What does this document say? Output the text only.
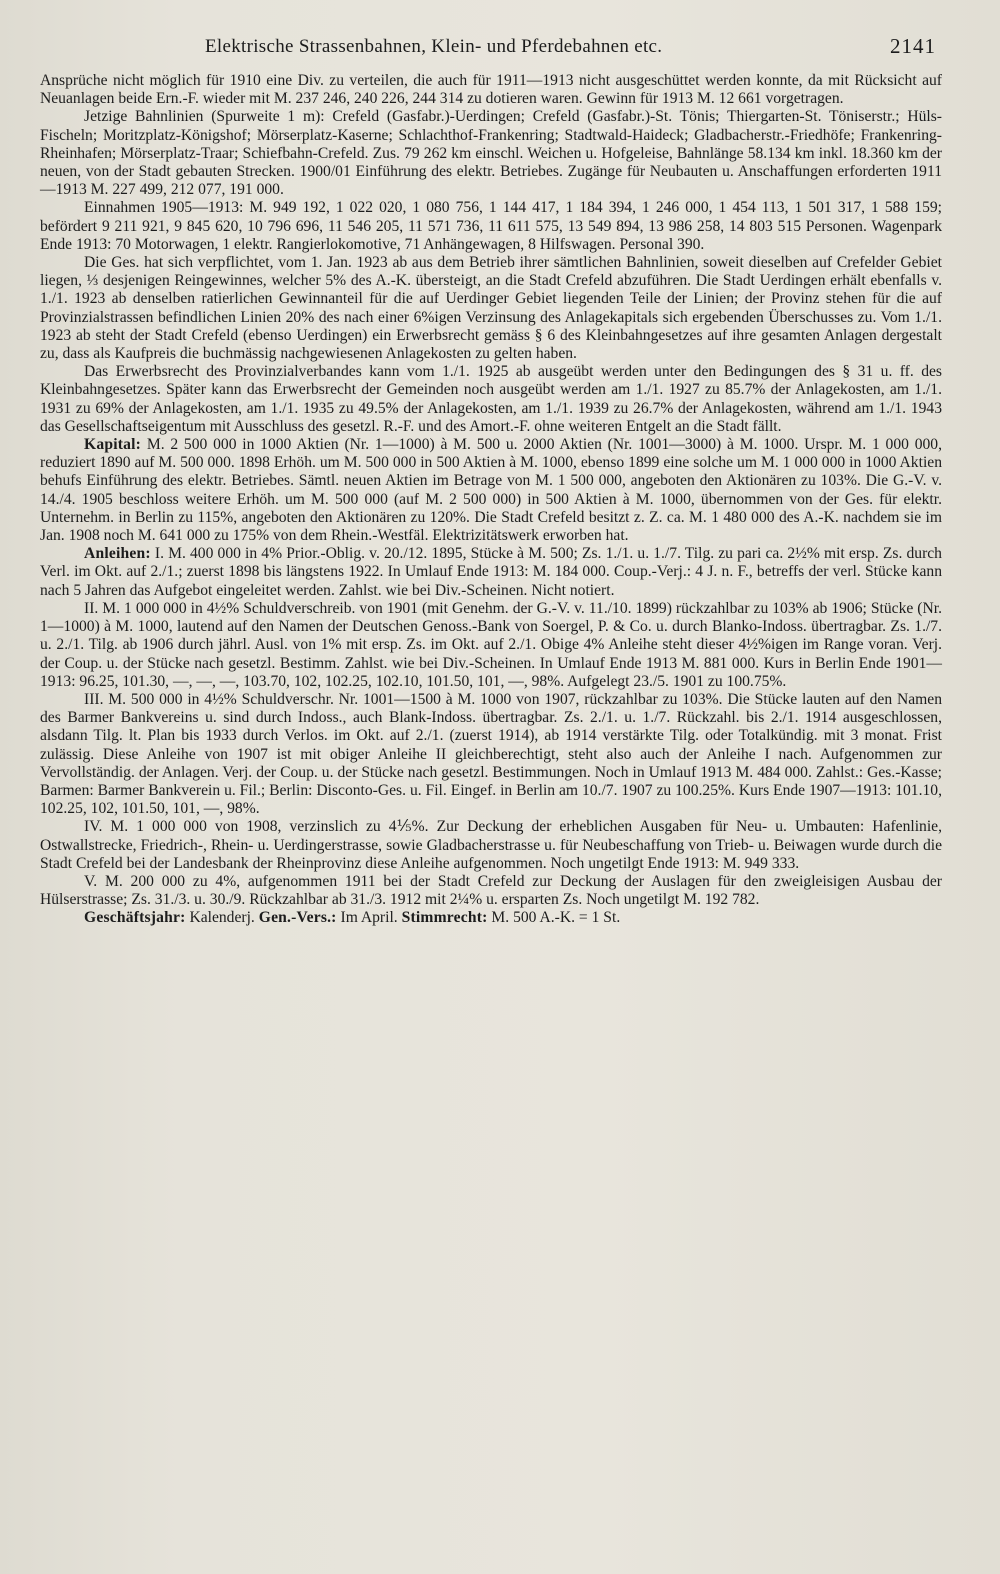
Elektrische Strassenbahnen, Klein- und Pferdebahnen etc.	2141

Ansprüche nicht möglich für 1910 eine Div. zu verteilen, die auch für 1911—1913 nicht ausgeschüttet werden konnte, da mit Rücksicht auf Neuanlagen beide Ern.-F. wieder mit M. 237 246, 240 226, 244 314 zu dotieren waren. Gewinn für 1913 M. 12 661 vorgetragen.

Jetzige Bahnlinien (Spurweite 1 m): Crefeld (Gasfabr.)-Uerdingen; Crefeld (Gasfabr.)-St. Tönis; Thiergarten-St. Töniserstr.; Hüls-Fischeln; Moritzplatz-Königshof; Mörserplatz-Kaserne; Schlachthof-Frankenring; Stadtwald-Haideck; Gladbacherstr.-Friedhöfe; Frankenring-Rheinhafen; Mörserplatz-Traar; Schiefbahn-Crefeld. Zus. 79 262 km einschl. Weichen u. Hofgeleise, Bahnlänge 58.134 km inkl. 18.360 km der neuen, von der Stadt gebauten Strecken. 1900/01 Einführung des elektr. Betriebes. Zugänge für Neubauten u. Anschaffungen erforderten 1911—1913 M. 227 499, 212 077, 191 000.

Einnahmen 1905—1913: M. 949 192, 1 022 020, 1 080 756, 1 144 417, 1 184 394, 1 246 000, 1 454 113, 1 501 317, 1 588 159; befördert 9 211 921, 9 845 620, 10 796 696, 11 546 205, 11 571 736, 11 611 575, 13 549 894, 13 986 258, 14 803 515 Personen. Wagenpark Ende 1913: 70 Motorwagen, 1 elektr. Rangierlokomotive, 71 Anhängewagen, 8 Hilfswagen. Personal 390.

Die Ges. hat sich verpflichtet, vom 1. Jan. 1923 ab aus dem Betrieb ihrer sämtlichen Bahnlinien, soweit dieselben auf Crefelder Gebiet liegen, ⅓ desjenigen Reingewinnes, welcher 5% des A.-K. übersteigt, an die Stadt Crefeld abzuführen. Die Stadt Uerdingen erhält ebenfalls v. 1./1. 1923 ab denselben ratierlichen Gewinnanteil für die auf Uerdinger Gebiet liegenden Teile der Linien; der Provinz stehen für die auf Provinzialstrassen befindlichen Linien 20% des nach einer 6%igen Verzinsung des Anlagekapitals sich ergebenden Überschusses zu. Vom 1./1. 1923 ab steht der Stadt Crefeld (ebenso Uerdingen) ein Erwerbsrecht gemäss § 6 des Kleinbahngesetzes auf ihre gesamten Anlagen dergestalt zu, dass als Kaufpreis die buchmässig nachgewiesenen Anlagekosten zu gelten haben.

Das Erwerbsrecht des Provinzialverbandes kann vom 1./1. 1925 ab ausgeübt werden unter den Bedingungen des § 31 u. ff. des Kleinbahngesetzes. Später kann das Erwerbsrecht der Gemeinden noch ausgeübt werden am 1./1. 1927 zu 85.7% der Anlagekosten, am 1./1. 1931 zu 69% der Anlagekosten, am 1./1. 1935 zu 49.5% der Anlagekosten, am 1./1. 1939 zu 26.7% der Anlagekosten, während am 1./1. 1943 das Gesellschaftseigentum mit Ausschluss des gesetzl. R.-F. und des Amort.-F. ohne weiteren Entgelt an die Stadt fällt.

Kapital: M. 2 500 000 in 1000 Aktien (Nr. 1—1000) à M. 500 u. 2000 Aktien (Nr. 1001—3000) à M. 1000. Urspr. M. 1 000 000, reduziert 1890 auf M. 500 000. 1898 Erhöh. um M. 500 000 in 500 Aktien à M. 1000, ebenso 1899 eine solche um M. 1 000 000 in 1000 Aktien behufs Einführung des elektr. Betriebes. Sämtl. neuen Aktien im Betrage von M. 1 500 000, angeboten den Aktionären zu 103%. Die G.-V. v. 14./4. 1905 beschloss weitere Erhöh. um M. 500 000 (auf M. 2 500 000) in 500 Aktien à M. 1000, übernommen von der Ges. für elektr. Unternehm. in Berlin zu 115%, angeboten den Aktionären zu 120%. Die Stadt Crefeld besitzt z. Z. ca. M. 1 480 000 des A.-K. nachdem sie im Jan. 1908 noch M. 641 000 zu 175% von dem Rhein.-Westfäl. Elektrizitätswerk erworben hat.

Anleihen: I. M. 400 000 in 4% Prior.-Oblig. v. 20./12. 1895, Stücke à M. 500; Zs. 1./1. u. 1./7. Tilg. zu pari ca. 2½% mit ersp. Zs. durch Verl. im Okt. auf 2./1.; zuerst 1898 bis längstens 1922. In Umlauf Ende 1913: M. 184 000. Coup.-Verj.: 4 J. n. F., betreffs der verl. Stücke kann nach 5 Jahren das Aufgebot eingeleitet werden. Zahlst. wie bei Div.-Scheinen. Nicht notiert.

II. M. 1 000 000 in 4½% Schuldverschreib. von 1901 (mit Genehm. der G.-V. v. 11./10. 1899) rückzahlbar zu 103% ab 1906; Stücke (Nr. 1—1000) à M. 1000, lautend auf den Namen der Deutschen Genoss.-Bank von Soergel, P. & Co. u. durch Blanko-Indoss. übertragbar. Zs. 1./7. u. 2./1. Tilg. ab 1906 durch jährl. Ausl. von 1% mit ersp. Zs. im Okt. auf 2./1. Obige 4% Anleihe steht dieser 4½%igen im Range voran. Verj. der Coup. u. der Stücke nach gesetzl. Bestimm. Zahlst. wie bei Div.-Scheinen. In Umlauf Ende 1913 M. 881 000. Kurs in Berlin Ende 1901—1913: 96.25, 101.30, —, —, —, 103.70, 102, 102.25, 102.10, 101.50, 101, —, 98%. Aufgelegt 23./5. 1901 zu 100.75%.

III. M. 500 000 in 4½% Schuldverschr. Nr. 1001—1500 à M. 1000 von 1907, rückzahlbar zu 103%. Die Stücke lauten auf den Namen des Barmer Bankvereins u. sind durch Indoss., auch Blank-Indoss. übertragbar. Zs. 2./1. u. 1./7. Rückzahl. bis 2./1. 1914 ausgeschlossen, alsdann Tilg. lt. Plan bis 1933 durch Verlos. im Okt. auf 2./1. (zuerst 1914), ab 1914 verstärkte Tilg. oder Totalkündig. mit 3 monat. Frist zulässig. Diese Anleihe von 1907 ist mit obiger Anleihe II gleichberechtigt, steht also auch der Anleihe I nach. Aufgenommen zur Vervollständig. der Anlagen. Verj. der Coup. u. der Stücke nach gesetzl. Bestimmungen. Noch in Umlauf 1913 M. 484 000. Zahlst.: Ges.-Kasse; Barmen: Barmer Bankverein u. Fil.; Berlin: Disconto-Ges. u. Fil. Eingef. in Berlin am 10./7. 1907 zu 100.25%. Kurs Ende 1907—1913: 101.10, 102.25, 102, 101.50, 101, —, 98%.

IV. M. 1 000 000 von 1908, verzinslich zu 4⅕%. Zur Deckung der erheblichen Ausgaben für Neu- u. Umbauten: Hafenlinie, Ostwallstrecke, Friedrich-, Rhein- u. Uerdingerstrasse, sowie Gladbacherstrasse u. für Neubeschaffung von Trieb- u. Beiwagen wurde durch die Stadt Crefeld bei der Landesbank der Rheinprovinz diese Anleihe aufgenommen. Noch ungetilgt Ende 1913: M. 949 333.

V. M. 200 000 zu 4%, aufgenommen 1911 bei der Stadt Crefeld zur Deckung der Auslagen für den zweigleisigen Ausbau der Hülserstrasse; Zs. 31./3. u. 30./9. Rückzahlbar ab 31./3. 1912 mit 2¼% u. ersparten Zs. Noch ungetilgt M. 192 782.

Geschäftsjahr: Kalenderj. Gen.-Vers.: Im April. Stimmrecht: M. 500 A.-K. = 1 St.
